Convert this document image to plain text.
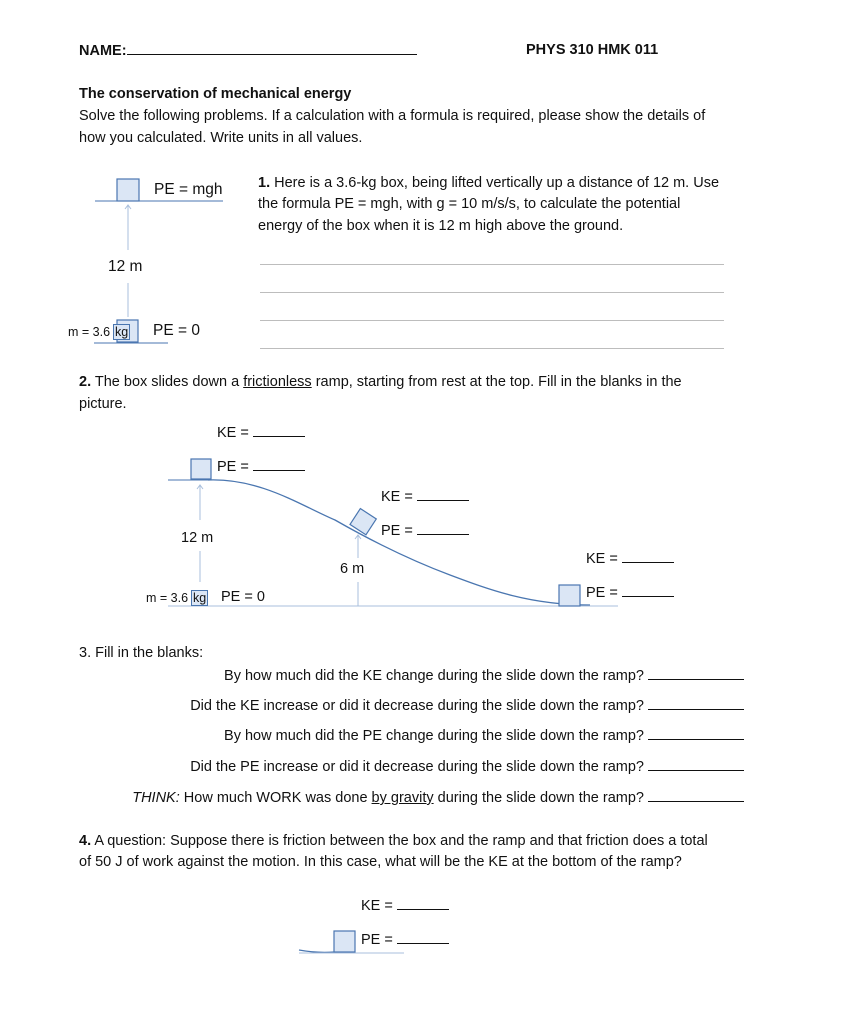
NAME:	PHYS 310 HMK 011
The conservation of mechanical energy
Solve the following problems. If a calculation with a formula is required, please show the details of
how you calculated. Write units in all values.
PE = mgh
12 m
m = 3.6 kg PE = 0
1. Here is a 3.6-kg box, being lifted vertically up a distance of 12 m. Use
the formula PE = mgh, with g = 10 m/s/s, to calculate the potential
energy of the box when it is 12 m high above the ground.
2. The box slides down a frictionless ramp, starting from rest at the top. Fill in the blanks in the
picture.
KE =
PE =
KE =
PE =
KE =
PE =
12 m
6 m
m = 3.6 kg PE = 0
3. Fill in the blanks:
By how much did the KE change during the slide down the ramp?
Did the KE increase or did it decrease during the slide down the ramp?
By how much did the PE change during the slide down the ramp?
Did the PE increase or did it decrease during the slide down the ramp?
THINK: How much WORK was done by gravity during the slide down the ramp?
4. A question: Suppose there is friction between the box and the ramp and that friction does a total
of 50 J of work against the motion. In this case, what will be the KE at the bottom of the ramp?
KE =
PE =
